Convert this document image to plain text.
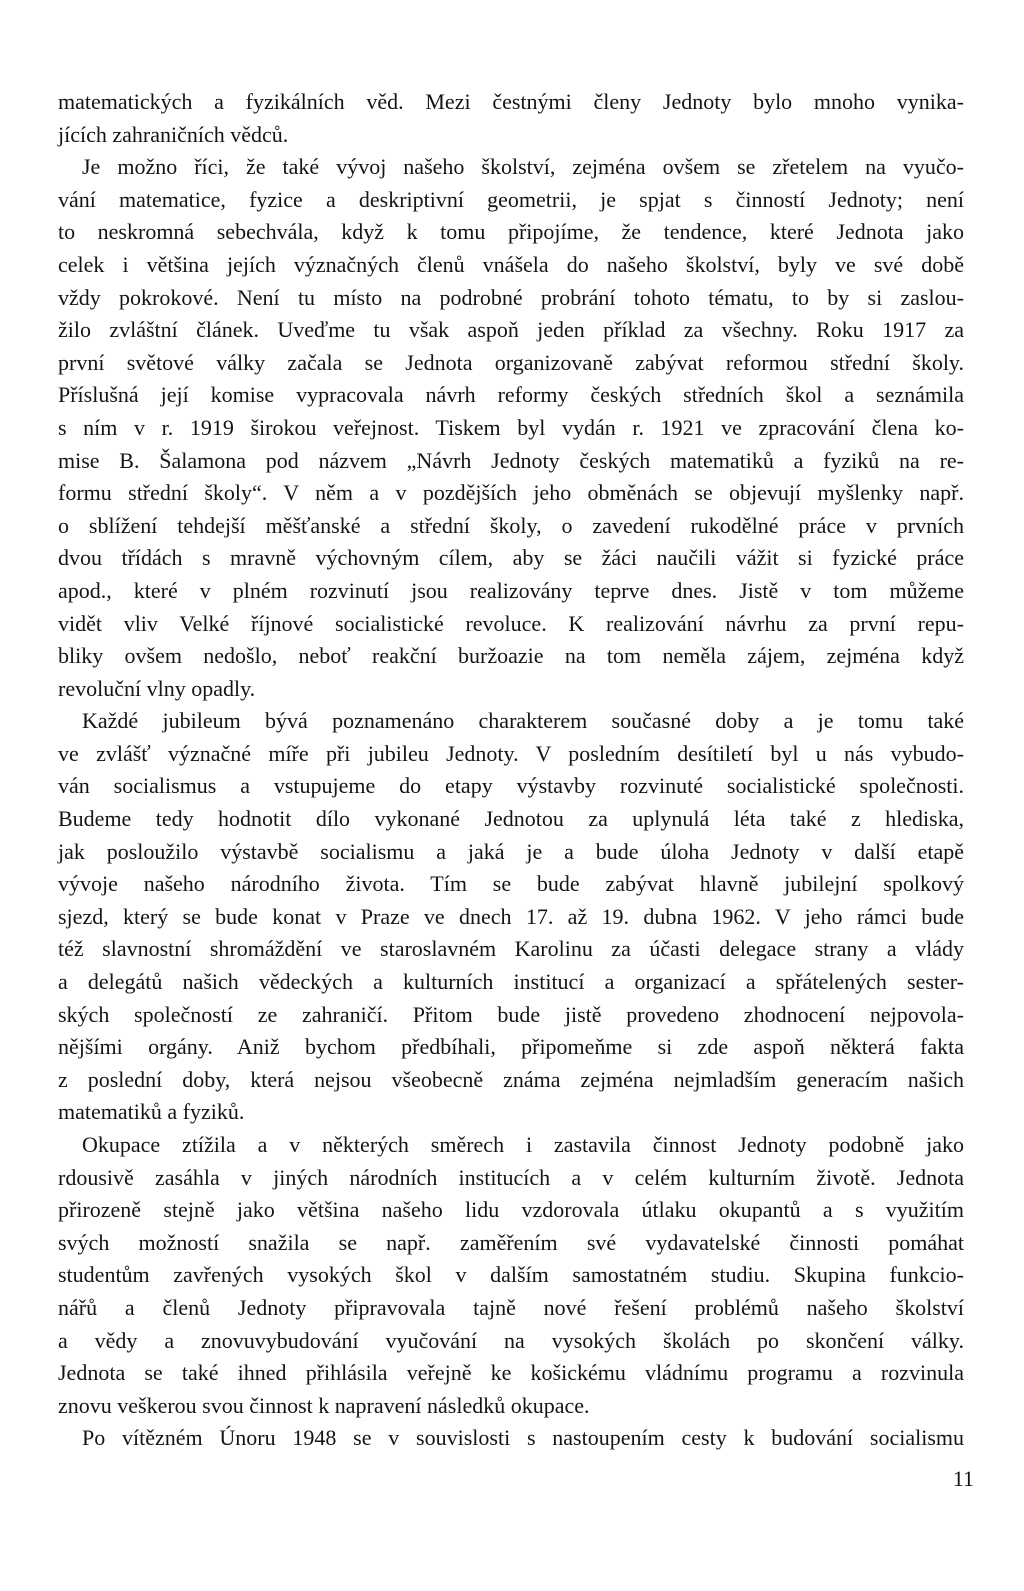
matematických a fyzikálních věd. Mezi čestnými členy Jednoty bylo mnoho vynika-
jících zahraničních vědců.
Je možno říci, že také vývoj našeho školství, zejména ovšem se zřetelem na vyučo-
vání matematice, fyzice a deskriptivní geometrii, je spjat s činností Jednoty; není
to neskromná sebechvála, když k tomu připojíme, že tendence, které Jednota jako
celek i většina jejích význačných členů vnášela do našeho školství, byly ve své době
vždy pokrokové. Není tu místo na podrobné probrání tohoto tématu, to by si zaslou-
žilo zvláštní článek. Uveďme tu však aspoň jeden příklad za všechny. Roku 1917 za
první světové války začala se Jednota organizovaně zabývat reformou střední školy.
Příslušná její komise vypracovala návrh reformy českých středních škol a seznámila
s ním v r. 1919 širokou veřejnost. Tiskem byl vydán r. 1921 ve zpracování člena ko-
mise B. Šalamona pod názvem „Návrh Jednoty českých matematiků a fyziků na re-
formu střední školy“. V něm a v pozdějších jeho obměnách se objevují myšlenky např.
o sblížení tehdejší měšťanské a střední školy, o zavedení rukodělné práce v prvních
dvou třídách s mravně výchovným cílem, aby se žáci naučili vážit si fyzické práce
apod., které v plném rozvinutí jsou realizovány teprve dnes. Jistě v tom můžeme
vidět vliv Velké říjnové socialistické revoluce. K realizování návrhu za první repu-
bliky ovšem nedošlo, neboť reakční buržoazie na tom neměla zájem, zejména když
revoluční vlny opadly.
Každé jubileum bývá poznamenáno charakterem současné doby a je tomu také
ve zvlášť význačné míře při jubileu Jednoty. V posledním desítiletí byl u nás vybudo-
ván socialismus a vstupujeme do etapy výstavby rozvinuté socialistické společnosti.
Budeme tedy hodnotit dílo vykonané Jednotou za uplynulá léta také z hlediska,
jak posloužilo výstavbě socialismu a jaká je a bude úloha Jednoty v další etapě
vývoje našeho národního života. Tím se bude zabývat hlavně jubilejní spolkový
sjezd, který se bude konat v Praze ve dnech 17. až 19. dubna 1962. V jeho rámci bude
též slavnostní shromáždění ve staroslavném Karolinu za účasti delegace strany a vlády
a delegátů našich vědeckých a kulturních institucí a organizací a spřátelených sester-
ských společností ze zahraničí. Přitom bude jistě provedeno zhodnocení nejpovola-
nějšími orgány. Aniž bychom předbíhali, připomeňme si zde aspoň některá fakta
z poslední doby, která nejsou všeobecně známa zejména nejmladším generacím našich
matematiků a fyziků.
Okupace ztížila a v některých směrech i zastavila činnost Jednoty podobně jako
rdousivě zasáhla v jiných národních institucích a v celém kulturním životě. Jednota
přirozeně stejně jako většina našeho lidu vzdorovala útlaku okupantů a s využitím
svých možností snažila se např. zaměřením své vydavatelské činnosti pomáhat
studentům zavřených vysokých škol v dalším samostatném studiu. Skupina funkcio-
nářů a členů Jednoty připravovala tajně nové řešení problémů našeho školství
a vědy a znovuvybudování vyučování na vysokých školách po skončení války.
Jednota se také ihned přihlásila veřejně ke košickému vládnímu programu a rozvinula
znovu veškerou svou činnost k napravení následků okupace.
Po vítězném Únoru 1948 se v souvislosti s nastoupením cesty k budování socialismu
11
